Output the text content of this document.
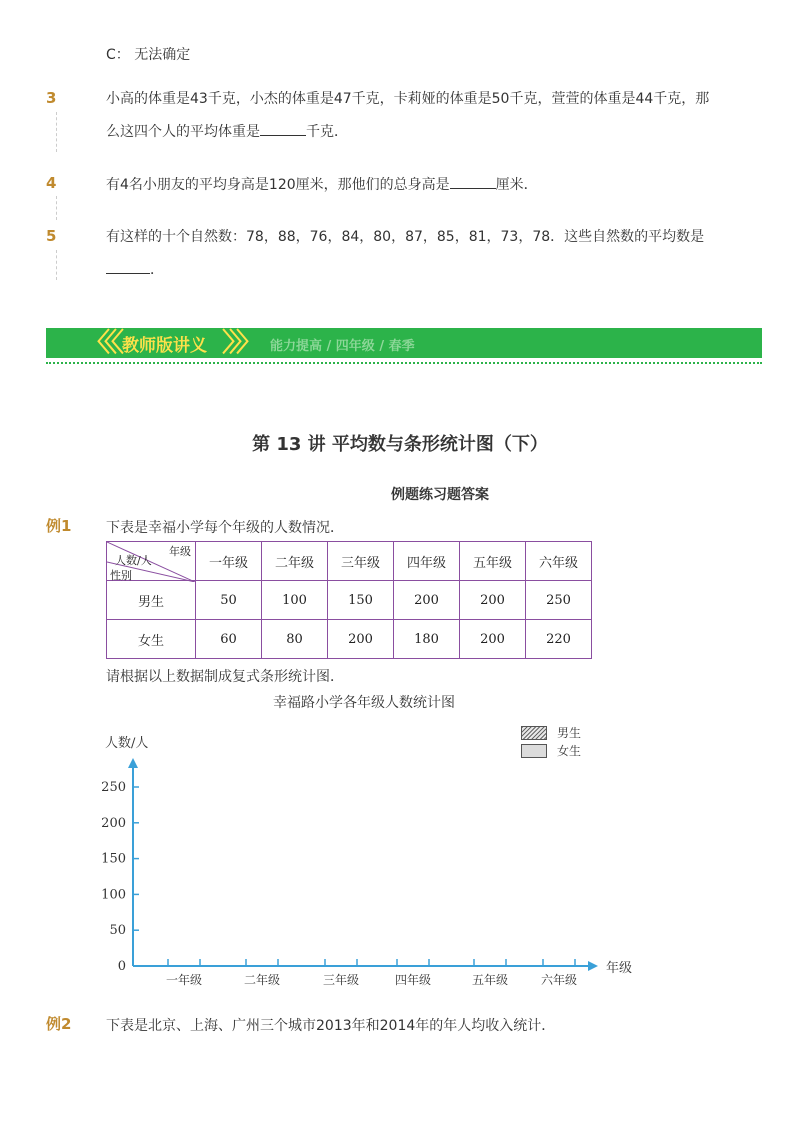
C： 无法确定
3	小高的体重是43千克，小杰的体重是47千克，卡莉娅的体重是50千克，萱萱的体重是44千克，那
么这四个人的平均体重是	千克．
4	有4名小朋友的平均身高是120厘米，那他们的总身高是	厘米．
5	有这样的十个自然数：78，88，76，84，80，87，85，81，73，78．这些自然数的平均数是
．
〈〈〈 教师版讲义 〉〉〉 能力提高 / 四年级 / 春季
第 13 讲 平均数与条形统计图（下）
例题练习题答案
例1 下表是幸福小学每个年级的人数情况．
年级
人数/人
性别	一年级	二年级	三年级	四年级	五年级	六年级
男生	50	100	150	200	200	250
女生	60	80	200	180	200	220
请根据以上数据制成复式条形统计图．
幸福路小学各年级人数统计图
男生
女生
人数/人
年级
0
50
100
150
200
250
一年级	二年级	三年级	四年级	五年级	六年级
例2 下表是北京、上海、广州三个城市2013年和2014年的年人均收入统计．
